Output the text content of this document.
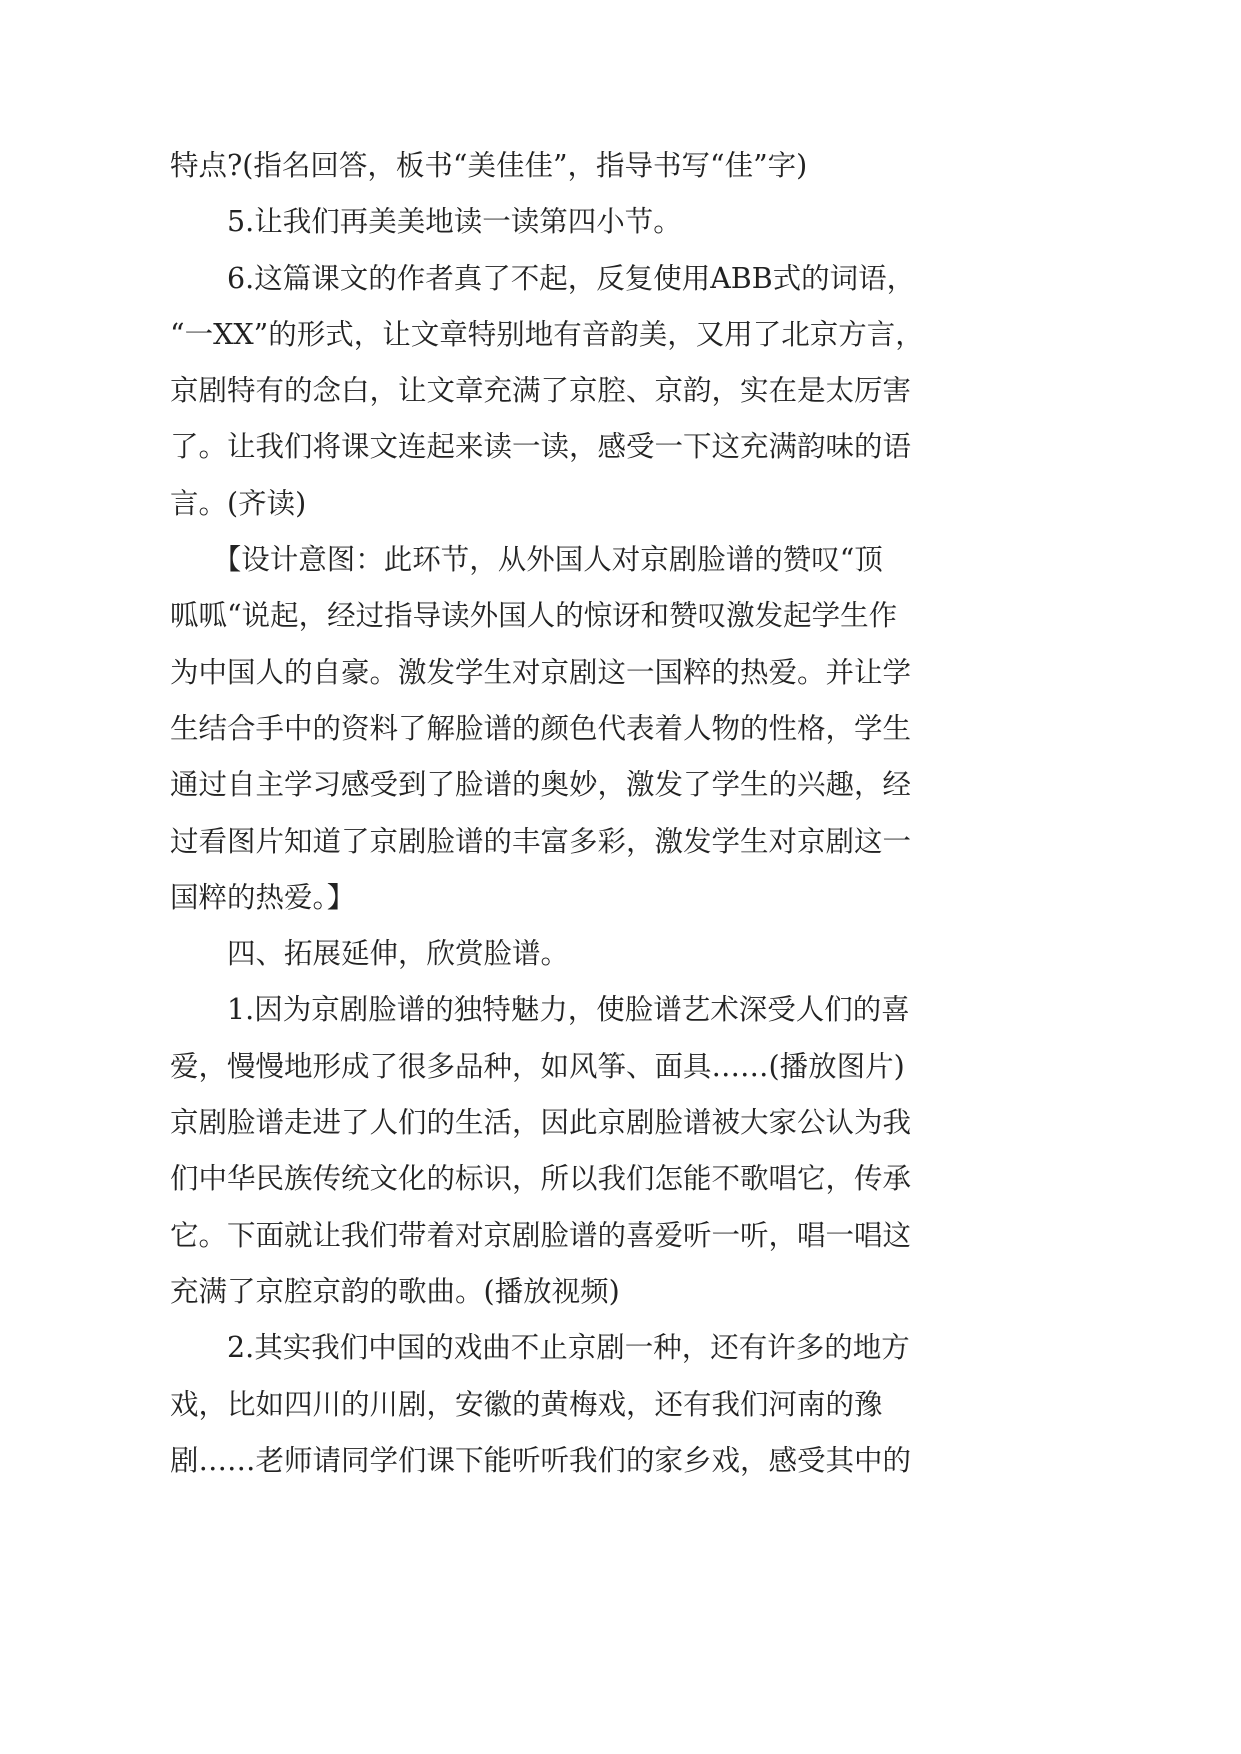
特点?(指名回答，板书“美佳佳”，指导书写“佳”字)
　　5.让我们再美美地读一读第四小节。
　　6.这篇课文的作者真了不起，反复使用ABB式的词语，
“一XX”的形式，让文章特别地有音韵美，又用了北京方言，
京剧特有的念白，让文章充满了京腔、京韵，实在是太厉害
了。让我们将课文连起来读一读，感受一下这充满韵味的语
言。(齐读)
　　【设计意图：此环节，从外国人对京剧脸谱的赞叹“顶
呱呱“说起，经过指导读外国人的惊讶和赞叹激发起学生作
为中国人的自豪。激发学生对京剧这一国粹的热爱。并让学
生结合手中的资料了解脸谱的颜色代表着人物的性格，学生
通过自主学习感受到了脸谱的奥妙，激发了学生的兴趣，经
过看图片知道了京剧脸谱的丰富多彩，激发学生对京剧这一
国粹的热爱。】
　　四、拓展延伸，欣赏脸谱。
　　1.因为京剧脸谱的独特魅力，使脸谱艺术深受人们的喜
爱，慢慢地形成了很多品种，如风筝、面具……(播放图片)
京剧脸谱走进了人们的生活，因此京剧脸谱被大家公认为我
们中华民族传统文化的标识，所以我们怎能不歌唱它，传承
它。下面就让我们带着对京剧脸谱的喜爱听一听，唱一唱这
充满了京腔京韵的歌曲。(播放视频)
　　2.其实我们中国的戏曲不止京剧一种，还有许多的地方
戏，比如四川的川剧，安徽的黄梅戏，还有我们河南的豫
剧……老师请同学们课下能听听我们的家乡戏，感受其中的
